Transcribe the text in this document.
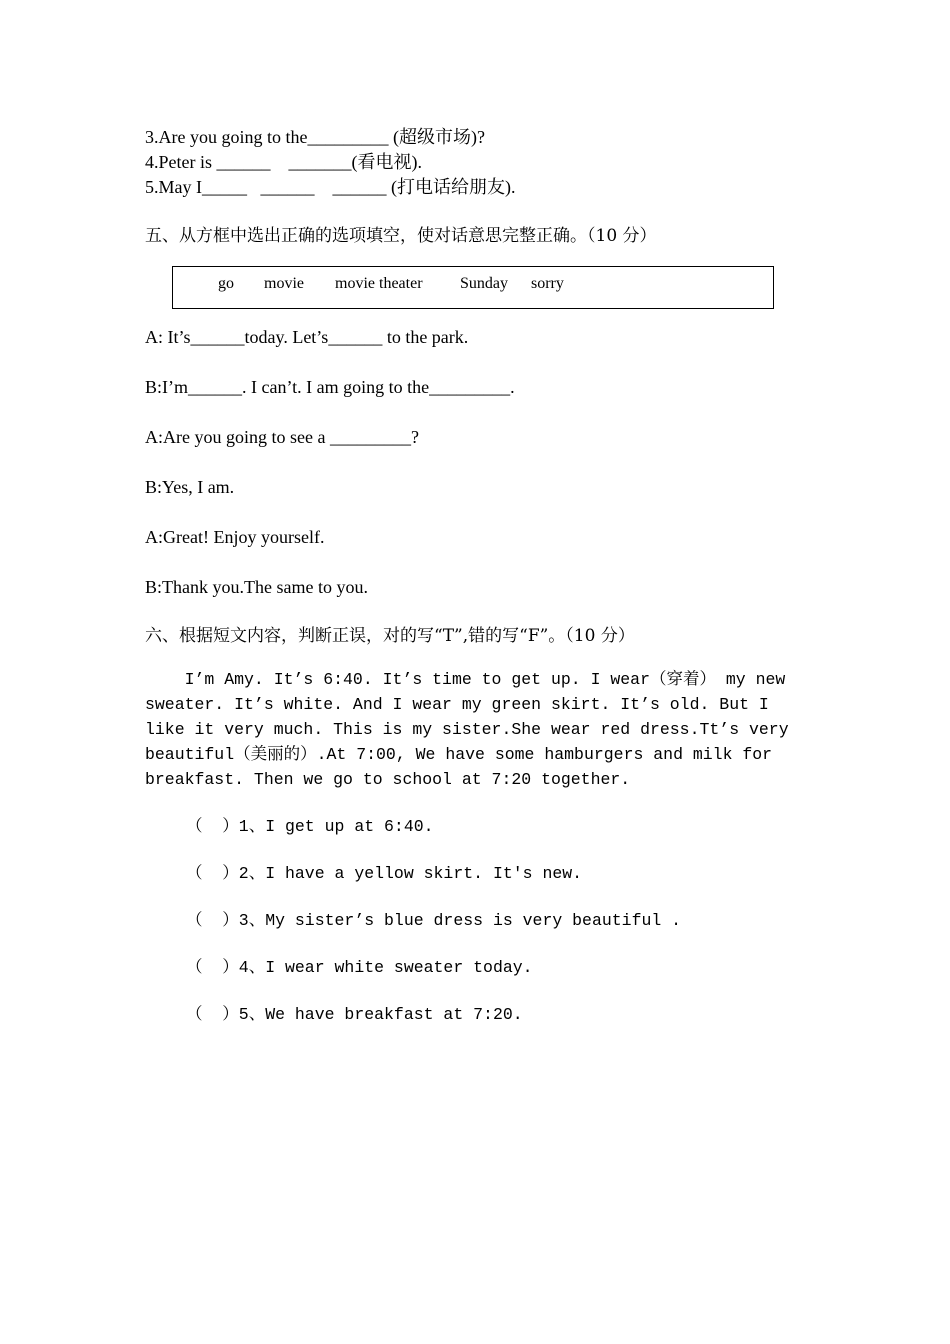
3.Are you going to the_________ (超级市场)?
4.Peter is ______    _______(看电视).
5.May I_____   ______    ______ (打电话给朋友).
五、从方框中选出正确的选项填空，使对话意思完整正确。（10 分）
go movie movie theater Sunday sorry
A: It’s______today. Let’s______ to the park.
B:I’m______. I can’t. I am going to the_________.
A:Are you going to see a _________?
B:Yes, I am.
A:Great! Enjoy yourself.
B:Thank you.The same to you.
六、根据短文内容，判断正误，对的写“T”,错的写“F”。（10 分）
I’m Amy. It’s 6:40. It’s time to get up. I wear（穿着） my new
sweater. It’s white. And I wear my green skirt. It’s old. But I
like it very much. This is my sister.She wear red dress.Tt’s very
beautiful（美丽的）.At 7:00, We have some hamburgers and milk for
breakfast. Then we go to school at 7:20 together.
（  ）1、I get up at 6:40.
（  ）2、I have a yellow skirt. It's new.
（  ）3、My sister’s blue dress is very beautiful .
（  ）4、I wear white sweater today.
（  ）5、We have breakfast at 7:20.
